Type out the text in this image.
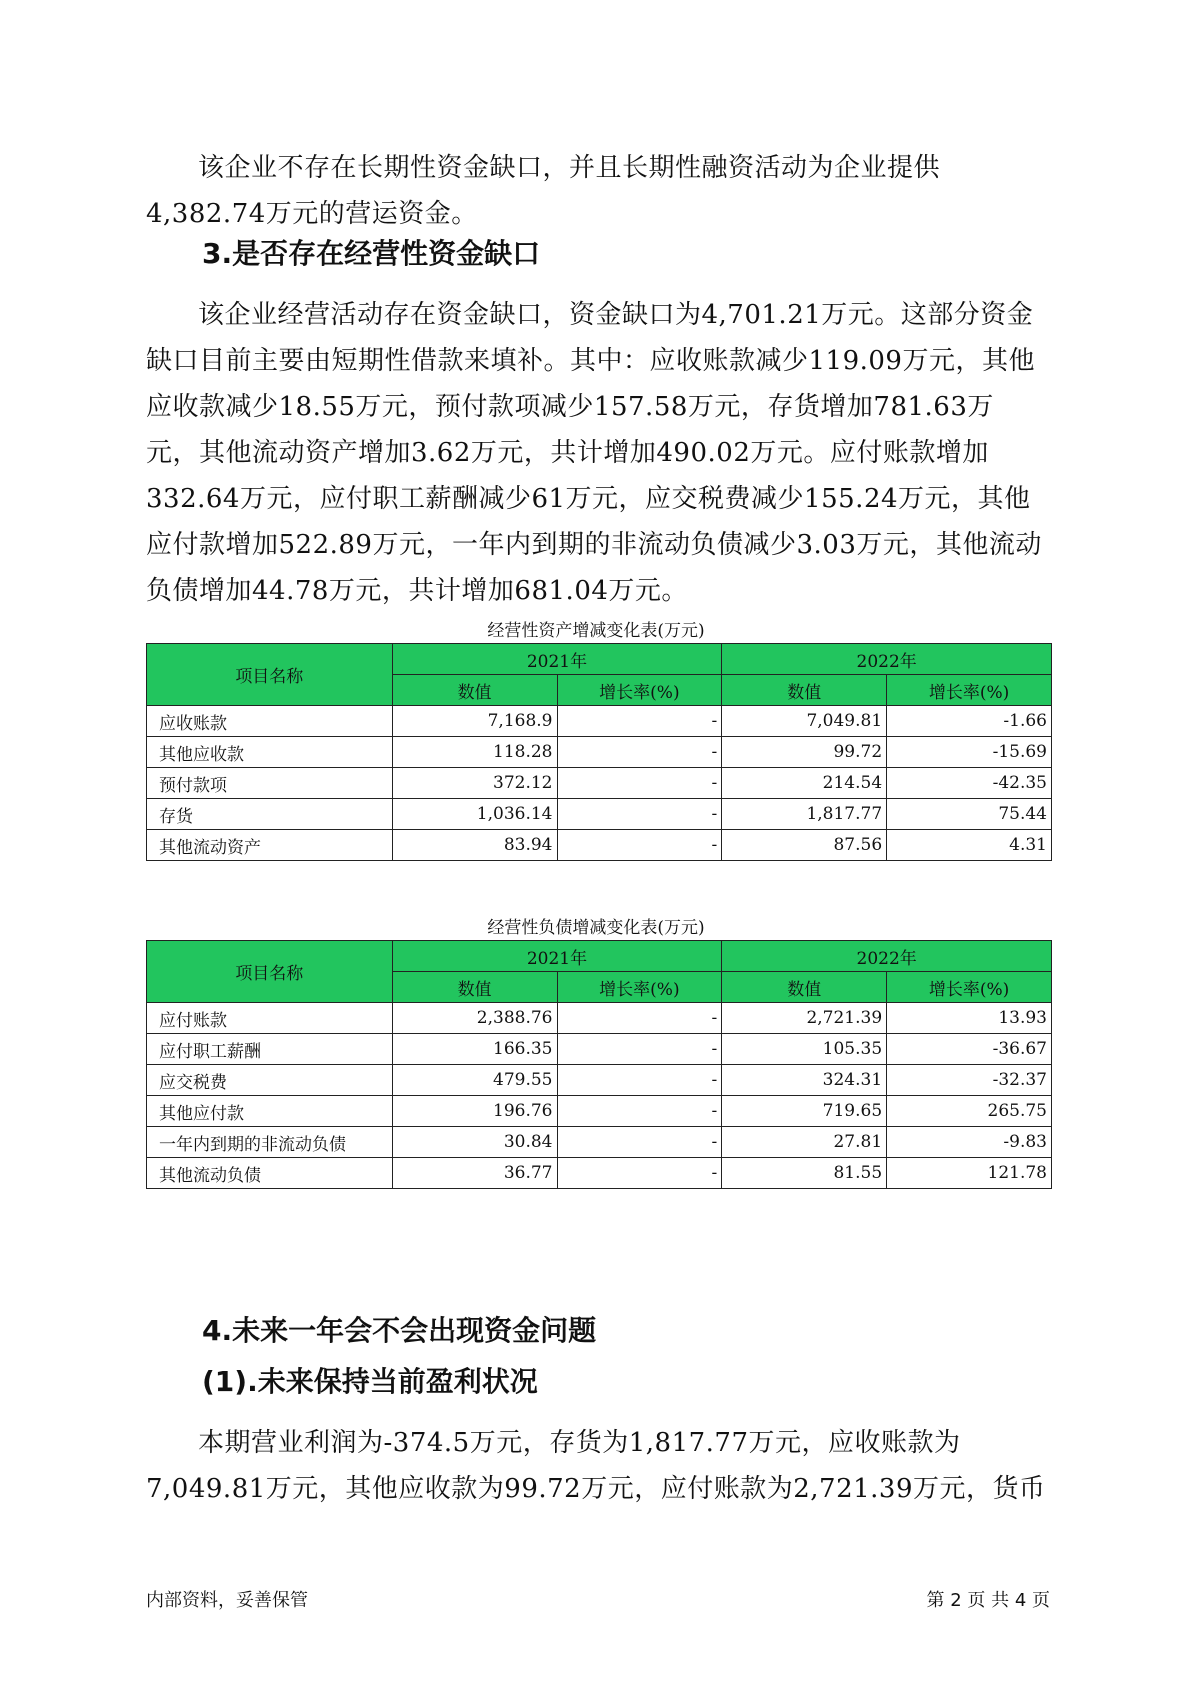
该企业不存在长期性资金缺口，并且长期性融资活动为企业提供4,382.74万元的营运资金。

3.是否存在经营性资金缺口

该企业经营活动存在资金缺口，资金缺口为4,701.21万元。这部分资金缺口目前主要由短期性借款来填补。其中：应收账款减少119.09万元，其他应收款减少18.55万元，预付款项减少157.58万元，存货增加781.63万元，其他流动资产增加3.62万元，共计增加490.02万元。应付账款增加332.64万元，应付职工薪酬减少61万元，应交税费减少155.24万元，其他应付款增加522.89万元，一年内到期的非流动负债减少3.03万元，其他流动负债增加44.78万元，共计增加681.04万元。

经营性资产增减变化表(万元)

项目名称	2021年		2022年	
	数值	增长率(%)	数值	增长率(%)
应收账款	7,168.9	-	7,049.81	-1.66
其他应收款	118.28	-	99.72	-15.69
预付款项	372.12	-	214.54	-42.35
存货	1,036.14	-	1,817.77	75.44
其他流动资产	83.94	-	87.56	4.31

经营性负债增减变化表(万元)

项目名称	2021年		2022年	
	数值	增长率(%)	数值	增长率(%)
应付账款	2,388.76	-	2,721.39	13.93
应付职工薪酬	166.35	-	105.35	-36.67
应交税费	479.55	-	324.31	-32.37
其他应付款	196.76	-	719.65	265.75
一年内到期的非流动负债	30.84	-	27.81	-9.83
其他流动负债	36.77	-	81.55	121.78
4.未来一年会不会出现资金问题
(1).未来保持当前盈利状况

本期营业利润为-374.5万元，存货为1,817.77万元，应收账款为7,049.81万元，其他应收款为99.72万元，应付账款为2,721.39万元，货币

内部资料，妥善保管	第 2 页 共 4 页
